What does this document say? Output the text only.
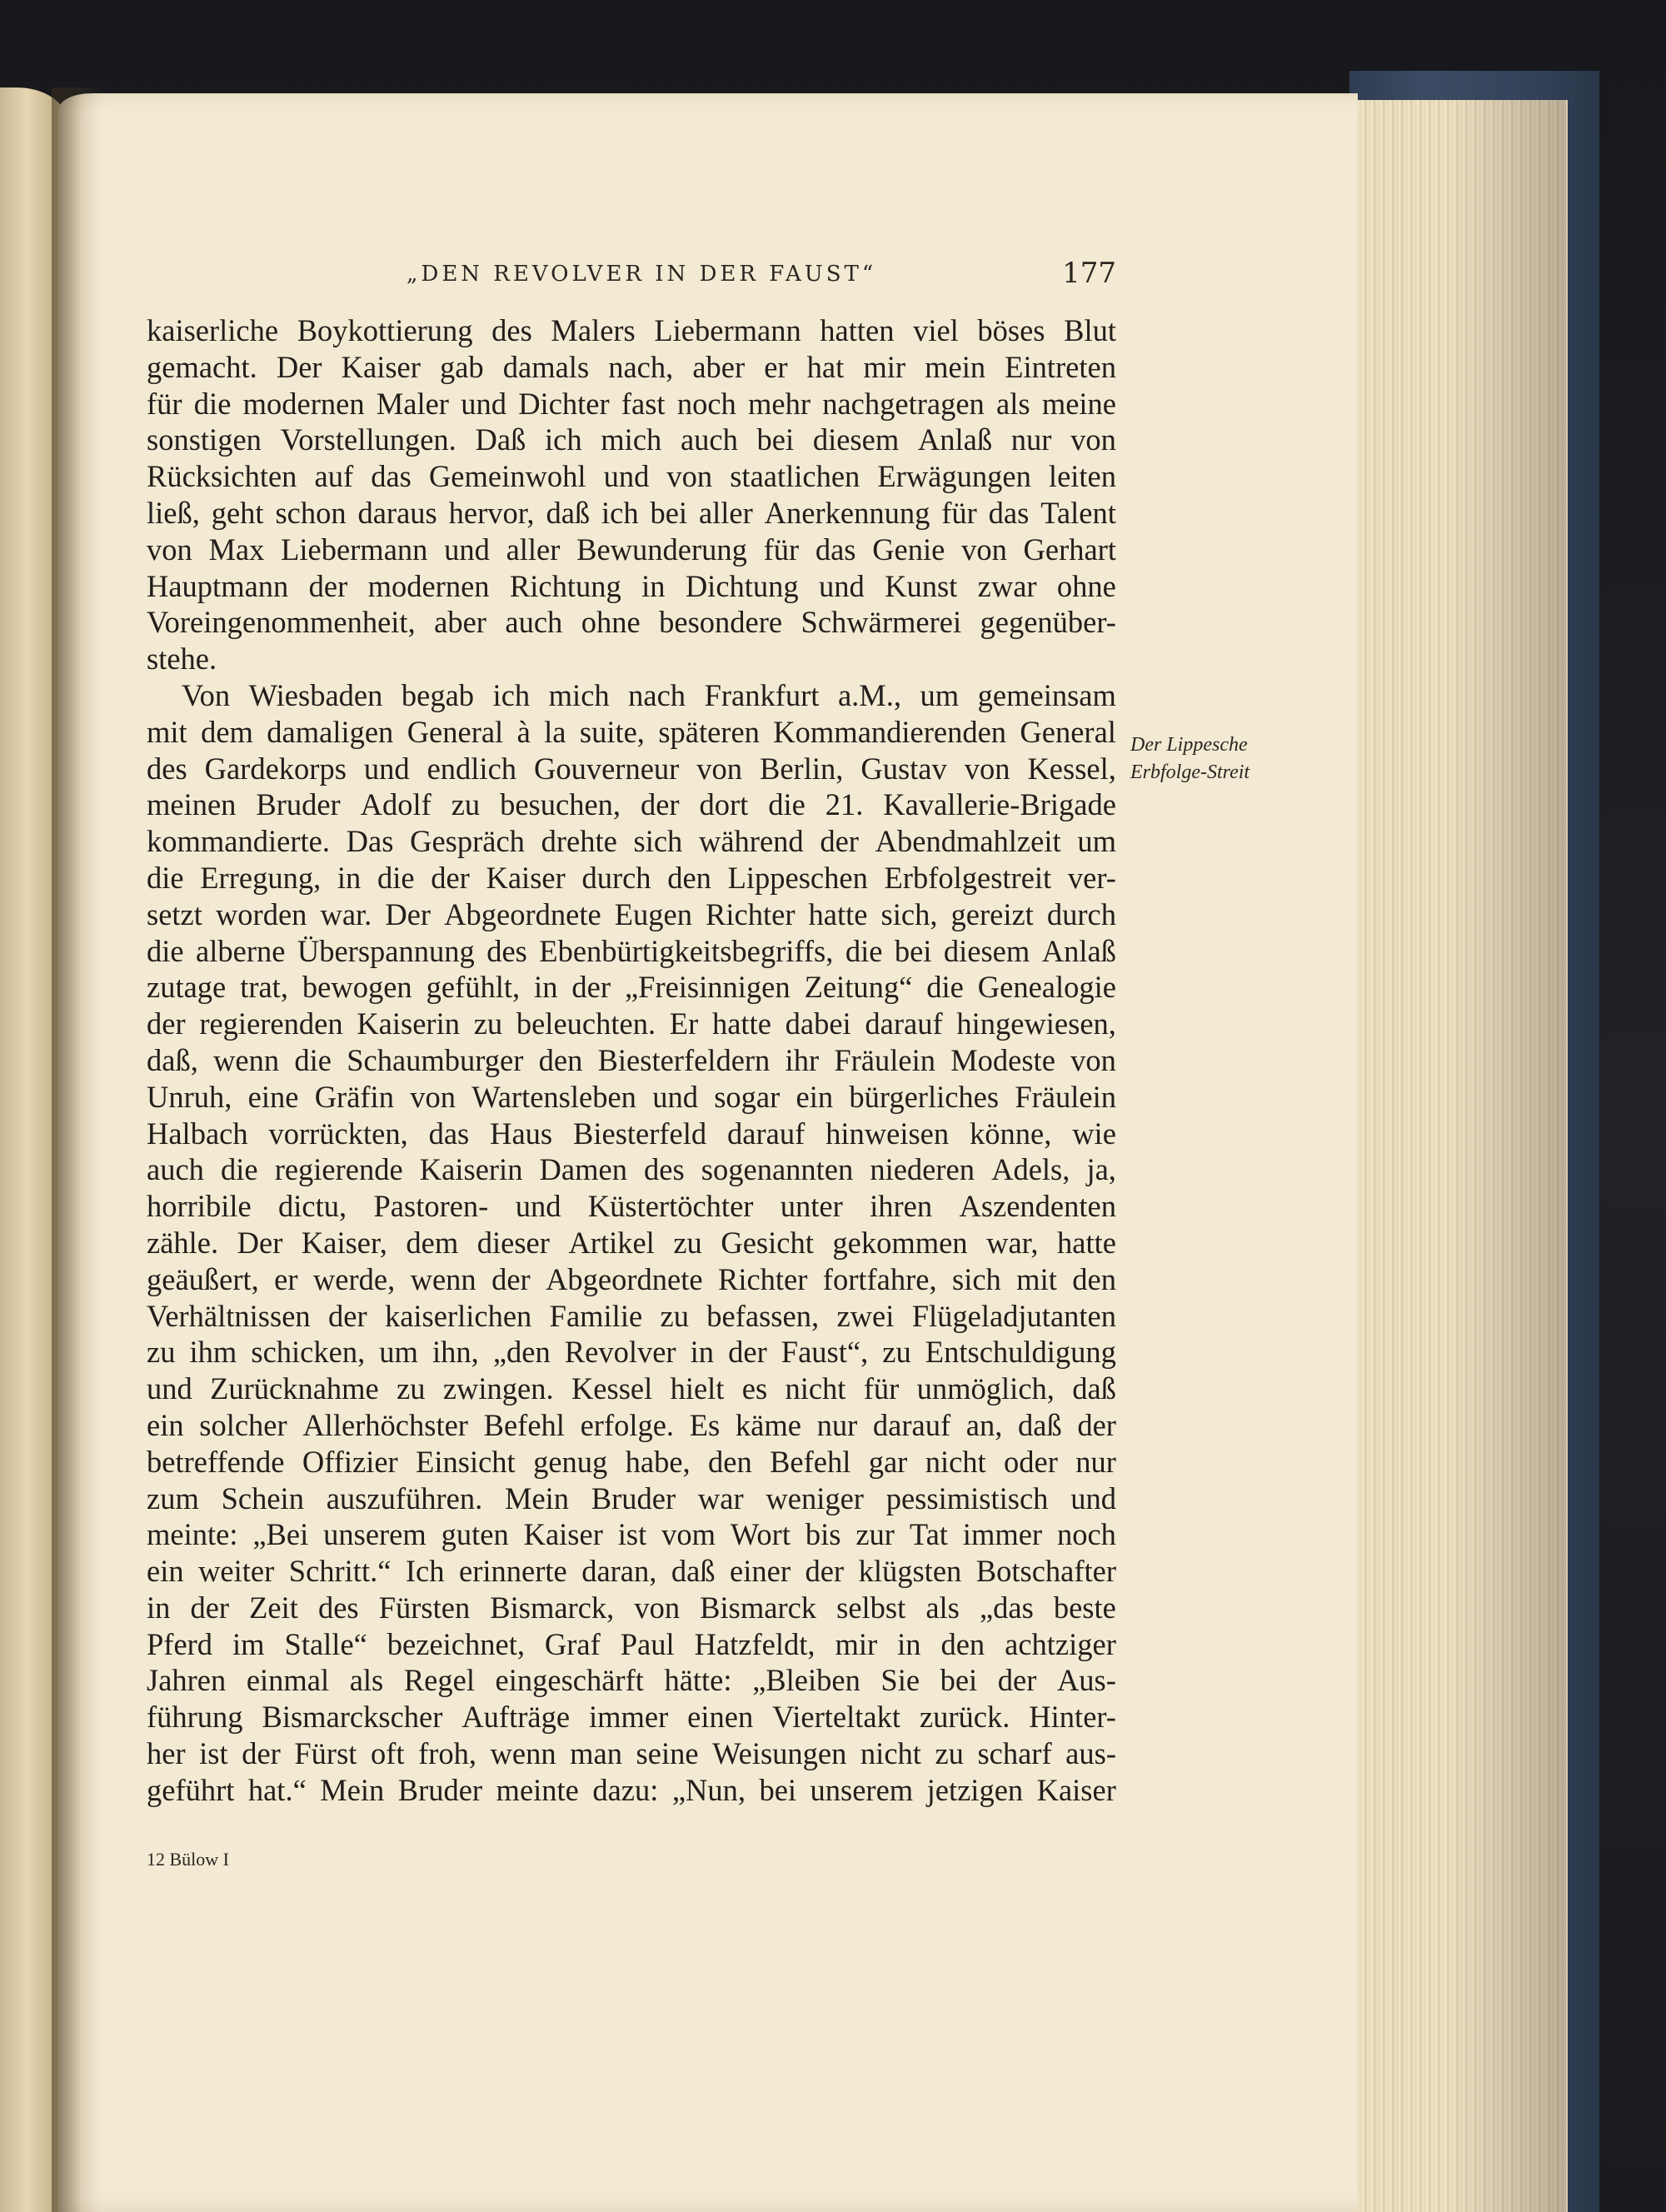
„DEN REVOLVER IN DER FAUST“	177
kaiserliche Boykottierung des Malers Liebermann hatten viel böses Blut
gemacht. Der Kaiser gab damals nach, aber er hat mir mein Eintreten
für die modernen Maler und Dichter fast noch mehr nachgetragen als meine
sonstigen Vorstellungen. Daß ich mich auch bei diesem Anlaß nur von
Rücksichten auf das Gemeinwohl und von staatlichen Erwägungen leiten
ließ, geht schon daraus hervor, daß ich bei aller Anerkennung für das Talent
von Max Liebermann und aller Bewunderung für das Genie von Gerhart
Hauptmann der modernen Richtung in Dichtung und Kunst zwar ohne
Voreingenommenheit, aber auch ohne besondere Schwärmerei gegenüber-
stehe.
Von Wiesbaden begab ich mich nach Frankfurt a.M., um gemeinsam
mit dem damaligen General à la suite, späteren Kommandierenden General
des Gardekorps und endlich Gouverneur von Berlin, Gustav von Kessel,
meinen Bruder Adolf zu besuchen, der dort die 21. Kavallerie-Brigade
kommandierte. Das Gespräch drehte sich während der Abendmahlzeit um
die Erregung, in die der Kaiser durch den Lippeschen Erbfolgestreit ver-
setzt worden war. Der Abgeordnete Eugen Richter hatte sich, gereizt durch
die alberne Überspannung des Ebenbürtigkeitsbegriffs, die bei diesem Anlaß
zutage trat, bewogen gefühlt, in der „Freisinnigen Zeitung“ die Genealogie
der regierenden Kaiserin zu beleuchten. Er hatte dabei darauf hingewiesen,
daß, wenn die Schaumburger den Biesterfeldern ihr Fräulein Modeste von
Unruh, eine Gräfin von Wartensleben und sogar ein bürgerliches Fräulein
Halbach vorrückten, das Haus Biesterfeld darauf hinweisen könne, wie
auch die regierende Kaiserin Damen des sogenannten niederen Adels, ja,
horribile dictu, Pastoren- und Küstertöchter unter ihren Aszendenten
zähle. Der Kaiser, dem dieser Artikel zu Gesicht gekommen war, hatte
geäußert, er werde, wenn der Abgeordnete Richter fortfahre, sich mit den
Verhältnissen der kaiserlichen Familie zu befassen, zwei Flügeladjutanten
zu ihm schicken, um ihn, „den Revolver in der Faust“, zu Entschuldigung
und Zurücknahme zu zwingen. Kessel hielt es nicht für unmöglich, daß
ein solcher Allerhöchster Befehl erfolge. Es käme nur darauf an, daß der
betreffende Offizier Einsicht genug habe, den Befehl gar nicht oder nur
zum Schein auszuführen. Mein Bruder war weniger pessimistisch und
meinte: „Bei unserem guten Kaiser ist vom Wort bis zur Tat immer noch
ein weiter Schritt.“ Ich erinnerte daran, daß einer der klügsten Botschafter
in der Zeit des Fürsten Bismarck, von Bismarck selbst als „das beste
Pferd im Stalle“ bezeichnet, Graf Paul Hatzfeldt, mir in den achtziger
Jahren einmal als Regel eingeschärft hätte: „Bleiben Sie bei der Aus-
führung Bismarckscher Aufträge immer einen Vierteltakt zurück. Hinter-
her ist der Fürst oft froh, wenn man seine Weisungen nicht zu scharf aus-
geführt hat.“ Mein Bruder meinte dazu: „Nun, bei unserem jetzigen Kaiser
Der Lippesche
Erbfolge-Streit
12 Bülow I
